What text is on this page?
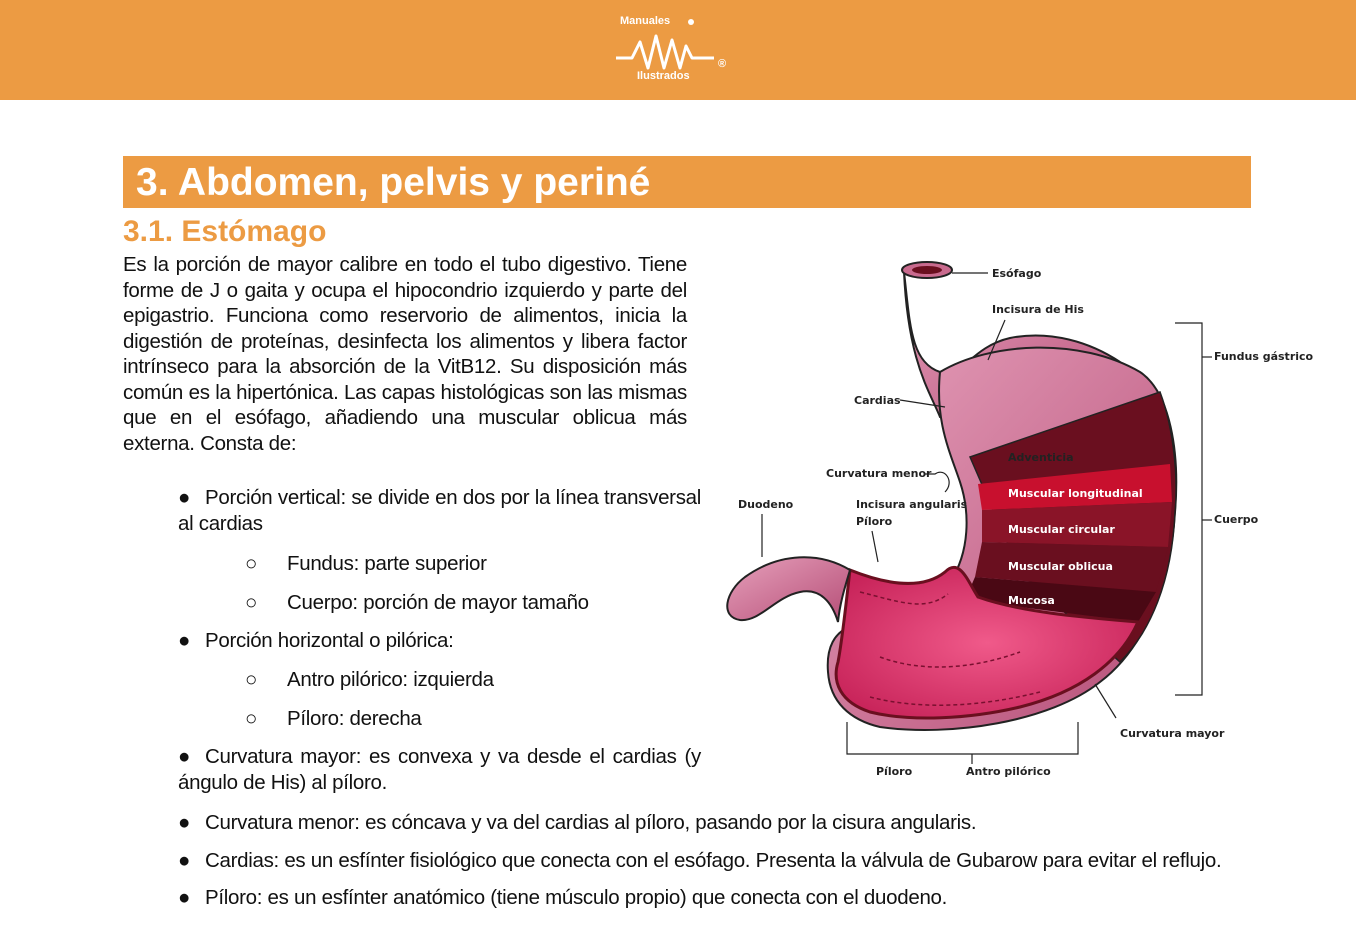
Manuales
Ilustrados
®
3. Abdomen, pelvis y periné
3.1. Estómago
Es la porción de mayor calibre en todo el tubo digestivo. Tiene forme de J o gaita y ocupa el hipocondrio izquierdo y parte del epigastrio. Funciona como reservorio de alimentos, inicia la digestión de proteínas, desinfecta los alimentos y libera factor intrínseco para la absorción de la VitB12. Su disposición más común es la hipertónica. Las capas histológicas son las mismas que en el esófago, añadiendo una muscular oblicua más externa. Consta de:
● Porción vertical: se divide en dos por la línea transversal al cardias
○ Fundus: parte superior
○ Cuerpo: porción de mayor tamaño
● Porción horizontal o pilórica:
○ Antro pilórico: izquierda
○ Píloro: derecha
● Curvatura mayor: es convexa y va desde el cardias (y ángulo de His) al píloro.
● Curvatura menor: es cóncava y va del cardias al píloro, pasando por la cisura angularis.
● Cardias: es un esfínter fisiológico que conecta con el esófago. Presenta la válvula de Gubarow para evitar el reflujo.
● Píloro: es un esfínter anatómico (tiene músculo propio) que conecta con el duodeno.
Esófago
Incisura de His
Fundus gástrico
Cardias
Adventicia
Curvatura menor
Duodeno	Incisura angularis
Píloro
Muscular longitudinal
Muscular circular
Muscular oblicua
Mucosa
Cuerpo
Curvatura mayor
Píloro	Antro pilórico
